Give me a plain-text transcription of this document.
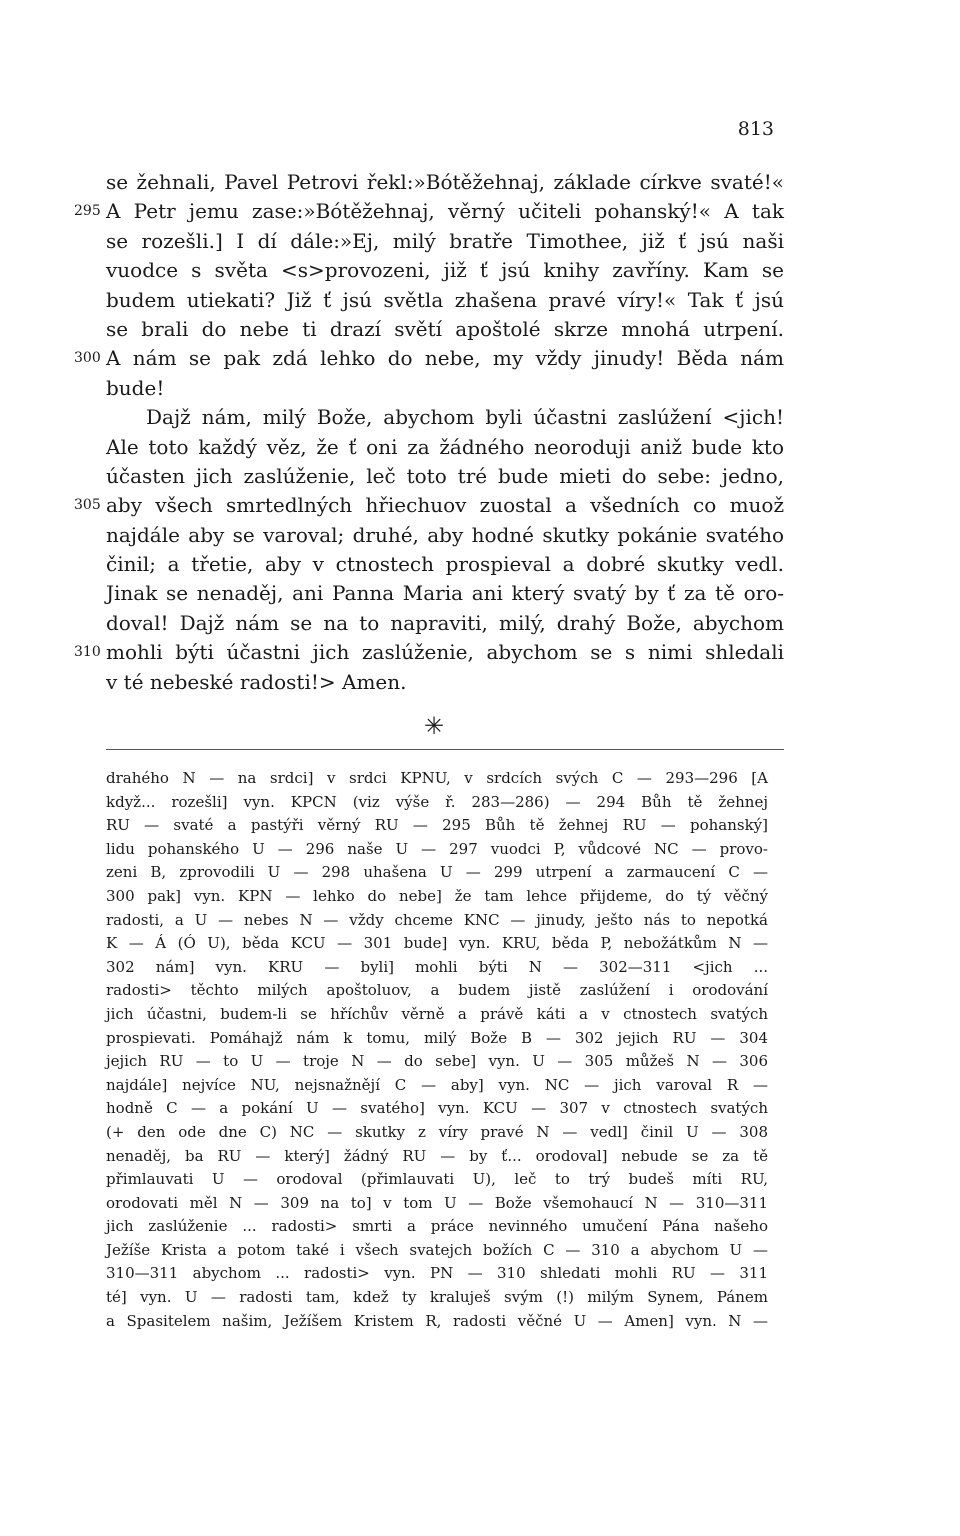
813
se žehnali, Pavel Petrovi řekl:»Bótěžehnaj, základe církve svaté!«
295 A Petr jemu zase:»Bótěžehnaj, věrný učiteli pohanský!« A tak
se rozešli.] I dí dále:»Ej, milý bratře Timothee, již ť jsú naši
vuodce s světa <s>provozeni, již ť jsú knihy zavříny. Kam se
budem utiekati? Již ť jsú světla zhašena pravé víry!« Tak ť jsú
se brali do nebe ti drazí světí apoštolé skrze mnohá utrpení.
300 A nám se pak zdá lehko do nebe, my vždy jinudy! Běda nám
bude!
Dajž nám, milý Bože, abychom byli účastni zaslúžení <jich!
Ale toto každý věz, že ť oni za žádného neoroduji aniž bude kto
účasten jich zaslúženie, leč toto tré bude mieti do sebe: jedno,
305 aby všech smrtedlných hřiechuov zuostal a všedních co muož
najdále aby se varoval; druhé, aby hodné skutky pokánie svatého
činil; a třetie, aby v ctnostech prospieval a dobré skutky vedl.
Jinak se nenaděj, ani Panna Maria ani který svatý by ť za tě oro-
doval! Dajž nám se na to napraviti, milý, drahý Bože, abychom
310 mohli býti účastni jich zaslúženie, abychom se s nimi shledali
v té nebeské radosti!> Amen.
✳
drahého N — na srdci] v srdci KPNU, v srdcích svých C — 293—296 [A
když... rozešli] vyn. KPCN (viz výše ř. 283—286) — 294 Bůh tě žehnej
RU — svaté a pastýři věrný RU — 295 Bůh tě žehnej RU — pohanský]
lidu pohanského U — 296 naše U — 297 vuodci P, vůdcové NC — provo-
zeni B, zprovodili U — 298 uhašena U — 299 utrpení a zarmaucení C —
300 pak] vyn. KPN — lehko do nebe] že tam lehce přijdeme, do tý věčný
radosti, a U — nebes N — vždy chceme KNC — jinudy, ješto nás to nepotká
K — Á (Ó U), běda KCU — 301 bude] vyn. KRU, běda P, nebožátkům N —
302 nám] vyn. KRU — byli] mohli býti N — 302—311 <jich ...
radosti> těchto milých apoštoluov, a budem jistě zaslúžení i orodování
jich účastni, budem-li se hříchův věrně a právě káti a v ctnostech svatých
prospievati. Pomáhajž nám k tomu, milý Bože B — 302 jejich RU — 304
jejich RU — to U — troje N — do sebe] vyn. U — 305 můžeš N — 306
najdále] nejvíce NU, nejsnažnějí C — aby] vyn. NC — jich varoval R —
hodně C — a pokání U — svatého] vyn. KCU — 307 v ctnostech svatých
(+ den ode dne C) NC — skutky z víry pravé N — vedl] činil U — 308
nenaděj, ba RU — který] žádný RU — by ť... orodoval] nebude se za tě
přimlauvati U — orodoval (přimlauvati U), leč to trý budeš míti RU,
orodovati měl N — 309 na to] v tom U — Bože všemohaucí N — 310—311
jich zaslúženie ... radosti> smrti a práce nevinného umučení Pána našeho
Ježíše Krista a potom také i všech svatejch božích C — 310 a abychom U —
310—311 abychom ... radosti> vyn. PN — 310 shledati mohli RU — 311
té] vyn. U — radosti tam, kdež ty kraluješ svým (!) milým Synem, Pánem
a Spasitelem našim, Ježíšem Kristem R, radosti věčné U — Amen] vyn. N —
